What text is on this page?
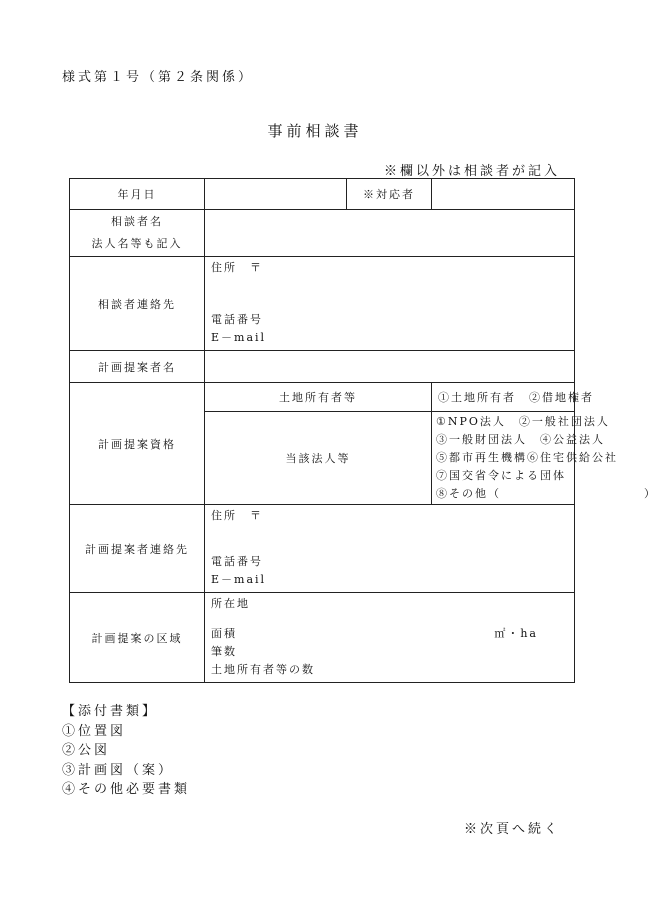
様式第１号（第２条関係）
事前相談書
※欄以外は相談者が記入
年月日		※対応者	

相談者名
法人名等も記入			

相談者連絡先	住所　〒
電話番号
E－mail		

計画提案者名			
計画提案資格	土地所有者等		①土地所有者　②借地権者
	当該法人等		①NPO法人　②一般社団法人
③一般財団法人　④公益法人
⑤都市再生機構⑥住宅供給公社
⑦国交省令による団体
⑧その他（　　　　　　　　　　　）

計画提案者連絡先	住所　〒
電話番号
E－mail		

計画提案の区域	所在地
面積 ㎡・ha
筆数
土地所有者等の数		
【添付書類】
①位置図
②公図
③計画図（案）
④その他必要書類
※次頁へ続く
